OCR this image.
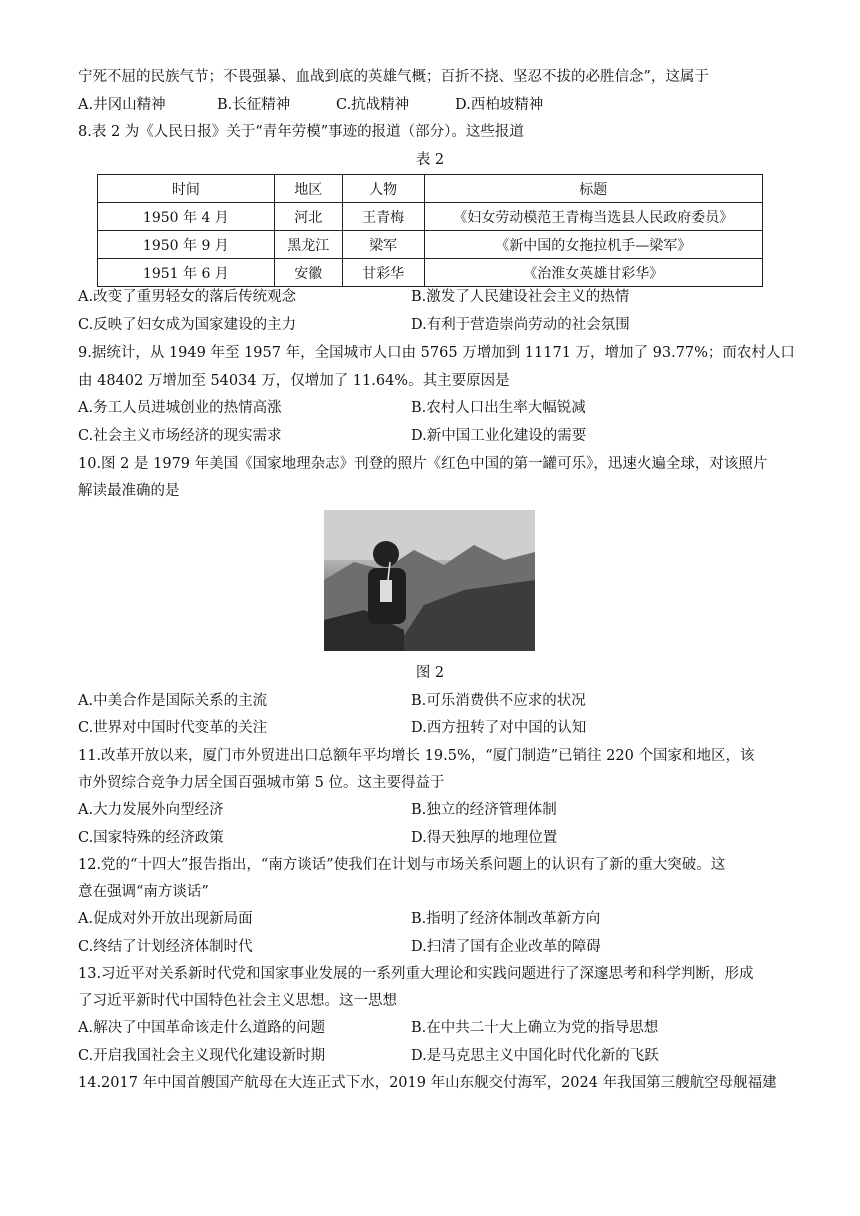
宁死不屈的民族气节；不畏强暴、血战到底的英雄气概；百折不挠、坚忍不拔的必胜信念”，这属于
A.井冈山精神	B.长征精神	C.抗战精神	D.西柏坡精神
8.表 2 为《人民日报》关于“青年劳模”事迹的报道（部分）。这些报道
表 2
时间	地区	人物	标题
1950 年 4 月	河北	王青梅	《妇女劳动模范王青梅当选县人民政府委员》
1950 年 9 月	黑龙江	梁军	《新中国的女拖拉机手—梁军》
1951 年 6 月	安徽	甘彩华	《治淮女英雄甘彩华》
A.改变了重男轻女的落后传统观念	B.激发了人民建设社会主义的热情
C.反映了妇女成为国家建设的主力	D.有利于营造崇尚劳动的社会氛围
9.据统计，从 1949 年至 1957 年，全国城市人口由 5765 万增加到 11171 万，增加了 93.77%；而农村人口
由 48402 万增加至 54034 万，仅增加了 11.64%。其主要原因是
A.务工人员进城创业的热情高涨	B.农村人口出生率大幅锐减
C.社会主义市场经济的现实需求	D.新中国工业化建设的需要
10.图 2 是 1979 年美国《国家地理杂志》刊登的照片《红色中国的第一罐可乐》，迅速火遍全球，对该照片
解读最准确的是
图 2
A.中美合作是国际关系的主流	B.可乐消费供不应求的状况
C.世界对中国时代变革的关注	D.西方扭转了对中国的认知
11.改革开放以来，厦门市外贸进出口总额年平均增长 19.5%，“厦门制造”已销往 220 个国家和地区，该
市外贸综合竞争力居全国百强城市第 5 位。这主要得益于
A.大力发展外向型经济	B.独立的经济管理体制
C.国家特殊的经济政策	D.得天独厚的地理位置
12.党的“十四大”报告指出，“南方谈话”使我们在计划与市场关系问题上的认识有了新的重大突破。这
意在强调“南方谈话”
A.促成对外开放出现新局面	B.指明了经济体制改革新方向
C.终结了计划经济体制时代	D.扫清了国有企业改革的障碍
13.习近平对关系新时代党和国家事业发展的一系列重大理论和实践问题进行了深邃思考和科学判断，形成
了习近平新时代中国特色社会主义思想。这一思想
A.解决了中国革命该走什么道路的问题	B.在中共二十大上确立为党的指导思想
C.开启我国社会主义现代化建设新时期	D.是马克思主义中国化时代化新的飞跃
14.2017 年中国首艘国产航母在大连正式下水，2019 年山东舰交付海军，2024 年我国第三艘航空母舰福建
